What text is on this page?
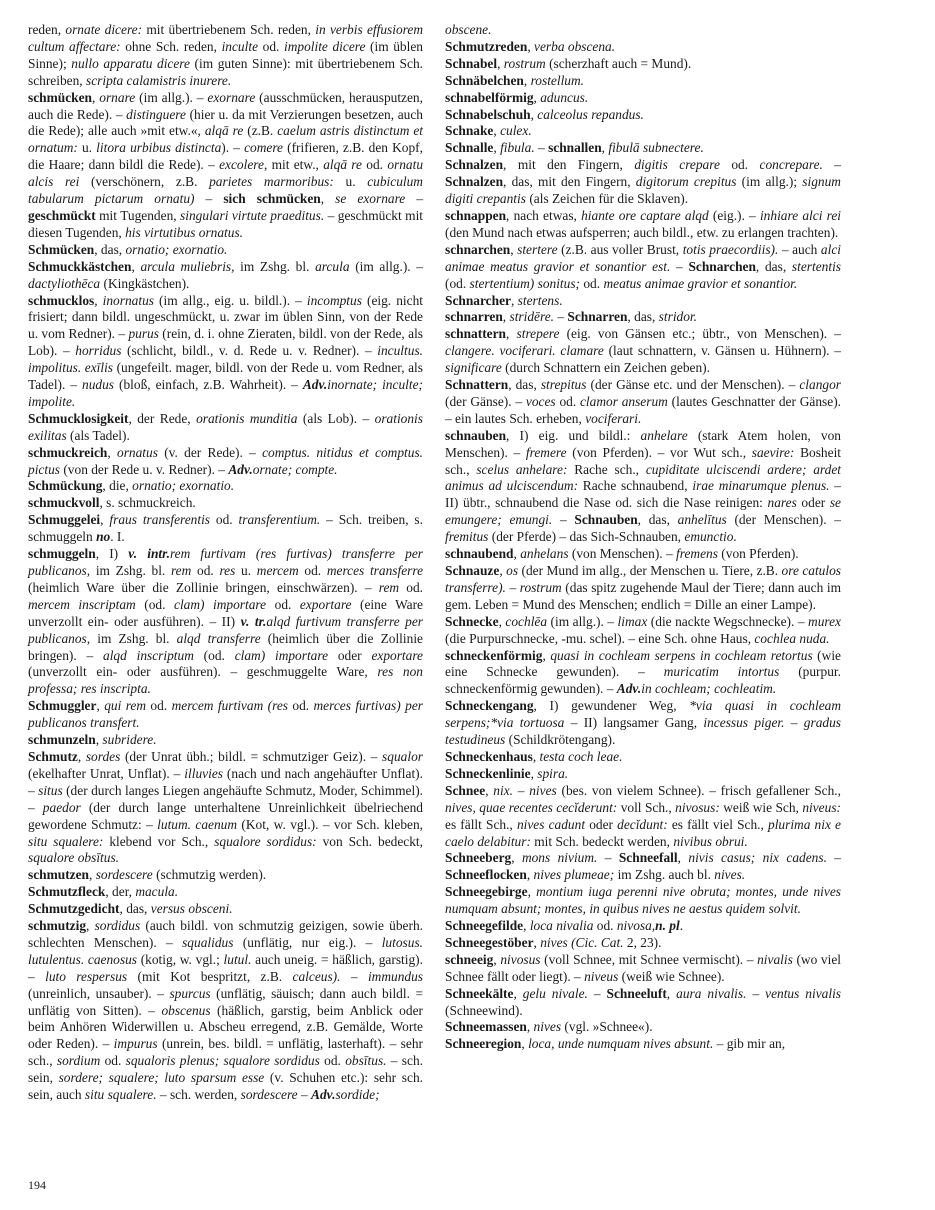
reden, ornate dicere: mit übertriebenem Sch. reden, in verbis effusiorem cultum affectare: ohne Sch. reden, inculte od. impolite dicere (im üblen Sinne); nullo apparatu dicere (im guten Sinne): mit übertriebenem Sch. schreiben, scripta calamistris inurere.

schmücken, ornare (im allg.). – exornare (ausschmücken, herausputzen, auch die Rede). – distinguere (hier u. da mit Verzierungen besetzen, auch die Rede); alle auch »mit etw.«, alqā re (z.B. caelum astris distinctum et ornatum: u. litora urbibus distincta). – comere (frifieren, z.B. den Kopf, die Haare; dann bildl die Rede). – excolere, mit etw., alqā re od. ornatu alcis rei (verschönern, z.B. parietes marmoribus: u. cubiculum tabularum pictarum ornatu) – sich schmücken, se exornare – geschmückt mit Tugenden, singulari virtute praeditus. – geschmückt mit diesen Tugenden, his virtutibus ornatus.

Schmücken, das, ornatio; exornatio.

Schmuckkästchen, arcula muliebris, im Zshg. bl. arcula (im allg.). – dactyliothēca (Kingkästchen).

schmucklos, inornatus (im allg., eig. u. bildl.). – incomptus (eig. nicht frisiert; dann bildl. ungeschmückt, u. zwar im üblen Sinn, von der Rede u. vom Redner). – purus (rein, d. i. ohne Zieraten, bildl. von der Rede, als Lob). – horridus (schlicht, bildl., v. d. Rede u. v. Redner). – incultus. impolitus. exīlis (ungefeilt. mager, bildl. von der Rede u. vom Redner, als Tadel). – nudus (bloß, einfach, z.B. Wahrheit). – Adv.inornate; inculte; impolite.

Schmucklosigkeit, der Rede, orationis munditia (als Lob). – orationis exilitas (als Tadel).

schmuckreich, ornatus (v. der Rede). – comptus. nitidus et comptus. pictus (von der Rede u. v. Redner). – Adv.ornate; compte.

Schmückung, die, ornatio; exornatio.

schmuckvoll, s. schmuckreich.

Schmuggelei, fraus transferentis od. transferentium. – Sch. treiben, s. schmuggeln no. I.

schmuggeln, I) v. intr.rem furtivam (res furtivas) transferre per publicanos, im Zshg. bl. rem od. res u. mercem od. merces transferre (heimlich Ware über die Zollinie bringen, einschwärzen). – rem od. mercem inscriptam (od. clam) importare od. exportare (eine Ware unverzollt ein- oder ausführen). – II) v. tr.alqd furtivum transferre per publicanos, im Zshg. bl. alqd transferre (heimlich über die Zollinie bringen). – alqd inscriptum (od. clam) importare oder exportare (unverzollt ein- oder ausführen). – geschmuggelte Ware, res non professa; res inscripta.

Schmuggler, qui rem od. mercem furtivam (res od. merces furtivas) per publicanos transfert.

schmunzeln, subridere.

Schmutz, sordes (der Unrat übh.; bildl. = schmutziger Geiz). – squalor (ekelhafter Unrat, Unflat). – illuvies (nach und nach angehäufter Unflat). – situs (der durch langes Liegen angehäufte Schmutz, Moder, Schimmel). – paedor (der durch lange unterhaltene Unreinlichkeit übelriechend gewordene Schmutz: – lutum. caenum (Kot, w. vgl.). – vor Sch. kleben, situ squalere: klebend vor Sch., squalore sordidus: von Sch. bedeckt, squalore obsītus.

schmutzen, sordescere (schmutzig werden).

Schmutzfleck, der, macula.

Schmutzgedicht, das, versus obsceni.

schmutzig, sordidus (auch bildl. von schmutzig geizigen, sowie überh. schlechten Menschen). – squalidus (unflätig, nur eig.). – lutosus. lutulentus. caenosus (kotig, w. vgl.; lutul. auch uneig. = häßlich, garstig). – luto respersus (mit Kot bespritzt, z.B. calceus). – immundus (unreinlich, unsauber). – spurcus (unflätig, säuisch; dann auch bildl. = unflätig von Sitten). – obscenus (häßlich, garstig, beim Anblick oder beim Anhören Widerwillen u. Abscheu erregend, z.B. Gemälde, Worte oder Reden). – impurus (unrein, bes. bildl. = unflätig, lasterhaft). – sehr sch., sordium od. squaloris plenus; squalore sordidus od. obsītus. – sch. sein, sordere; squalere; luto sparsum esse (v. Schuhen etc.): sehr sch. sein, auch situ squalere. – sch. werden, sordescere – Adv.sordide;

obscene.

Schmutzreden, verba obscena.

Schnabel, rostrum (scherzhaft auch = Mund).

Schnäbelchen, rostellum.

schnabelförmig, aduncus.

Schnabelschuh, calceolus repandus.

Schnake, culex.

Schnalle, fibula. – schnallen, fibulā subnectere.

Schnalzen, mit den Fingern, digitis crepare od. concrepare. – Schnalzen, das, mit den Fingern, digitorum crepitus (im allg.); signum digiti crepantis (als Zeichen für die Sklaven).

schnappen, nach etwas, hiante ore captare alqd (eig.). – inhiare alci rei (den Mund nach etwas aufsperren; auch bildl., etw. zu erlangen trachten).

schnarchen, stertere (z.B. aus voller Brust, totis praecordiis). – auch alci animae meatus gravior et sonantior est. – Schnarchen, das, stertentis (od. stertentium) sonitus; od. meatus animae gravior et sonantior.

Schnarcher, stertens.

schnarren, stridēre. – Schnarren, das, stridor.

schnattern, strepere (eig. von Gänsen etc.; übtr., von Menschen). – clangere. vociferari. clamare (laut schnattern, v. Gänsen u. Hühnern). – significare (durch Schnattern ein Zeichen geben).

Schnattern, das, strepitus (der Gänse etc. und der Menschen). – clangor (der Gänse). – voces od. clamor anserum (lautes Geschnatter der Gänse). – ein lautes Sch. erheben, vociferari.

schnauben, I) eig. und bildl.: anhelare (stark Atem holen, von Menschen). – fremere (von Pferden). – vor Wut sch., saevire: Bosheit sch., scelus anhelare: Rache sch., cupiditate ulciscendi ardere; ardet animus ad ulciscendum: Rache schnaubend, irae minarumque plenus. – II) übtr., schnaubend die Nase od. sich die Nase reinigen: nares oder se emungere; emungi. – Schnauben, das, anhelītus (der Menschen). – fremitus (der Pferde) – das Sich-Schnauben, emunctio.

schnaubend, anhelans (von Menschen). – fremens (von Pferden).

Schnauze, os (der Mund im allg., der Menschen u. Tiere, z.B. ore catulos transferre). – rostrum (das spitz zugehende Maul der Tiere; dann auch im gem. Leben = Mund des Menschen; endlich = Dille an einer Lampe).

Schnecke, cochlēa (im allg.). – limax (die nackte Wegschnecke). – murex (die Purpurschnecke, -mu. schel). – eine Sch. ohne Haus, cochlea nuda.

schneckenförmig, quasi in cochleam serpens in cochleam retortus (wie eine Schnecke gewunden). – muricatim intortus (purpur. schneckenförmig gewunden). – Adv.in cochleam; cochleatim.

Schneckengang, I) gewundener Weg, *via quasi in cochleam serpens;*via tortuosa – II) langsamer Gang, incessus piger. – gradus testudineus (Schildkrötengang).

Schneckenhaus, testa coch leae.

Schneckenlinie, spira.

Schnee, nix. – nives (bes. von vielem Schnee). – frisch gefallener Sch., nives, quae recentes cecĭderunt: voll Sch., nivosus: weiß wie Sch, niveus: es fällt Sch., nives cadunt oder decĭdunt: es fällt viel Sch., plurima nix e caelo delabitur: mit Sch. bedeckt werden, nivibus obrui.

Schneeberg, mons nivium. – Schneefall, nivis casus; nix cadens. – Schneeflocken, nives plumeae; im Zshg. auch bl. nives.

Schneegebirge, montium iuga perenni nive obruta; montes, unde nives numquam absunt; montes, in quibus nives ne aestus quidem solvit.

Schneegefilde, loca nivalia od. nivosa,n. pl.

Schneegestöber, nives (Cic. Cat. 2, 23).

schneeig, nivosus (voll Schnee, mit Schnee vermischt). – nivalis (wo viel Schnee fällt oder liegt). – niveus (weiß wie Schnee).

Schneekälte, gelu nivale. – Schneeluft, aura nivalis. – ventus nivalis (Schneewind).

Schneemassen, nives (vgl. »Schnee«).

Schneeregion, loca, unde numquam nives absunt. – gib mir an,

194
